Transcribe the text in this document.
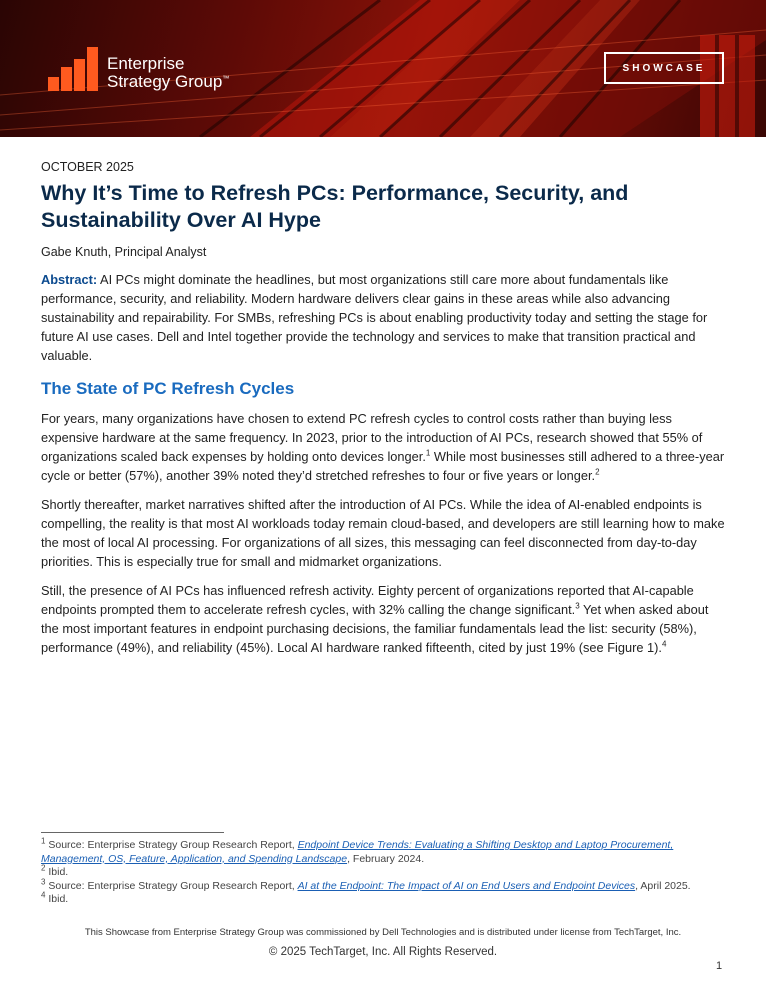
Enterprise
Strategy Group™
SHOWCASE
OCTOBER 2025
Why It’s Time to Refresh PCs: Performance, Security, and Sustainability Over AI Hype
Gabe Knuth, Principal Analyst
Abstract: AI PCs might dominate the headlines, but most organizations still care more about fundamentals like performance, security, and reliability. Modern hardware delivers clear gains in these areas while also advancing sustainability and repairability. For SMBs, refreshing PCs is about enabling productivity today and setting the stage for future AI use cases. Dell and Intel together provide the technology and services to make that transition practical and valuable.
The State of PC Refresh Cycles

For years, many organizations have chosen to extend PC refresh cycles to control costs rather than buying less expensive hardware at the same frequency. In 2023, prior to the introduction of AI PCs, research showed that 55% of organizations scaled back expenses by holding onto devices longer.$^1$ While most businesses still adhered to a three-year cycle or better (57%), another 39% noted they’d stretched refreshes to four or five years or longer.$^2$

Shortly thereafter, market narratives shifted after the introduction of AI PCs. While the idea of AI-enabled endpoints is compelling, the reality is that most AI workloads today remain cloud-based, and developers are still learning how to make the most of local AI processing. For organizations of all sizes, this messaging can feel disconnected from day-to-day priorities. This is especially true for small and midmarket organizations.

Still, the presence of AI PCs has influenced refresh activity. Eighty percent of organizations reported that AI-capable endpoints prompted them to accelerate refresh cycles, with 32% calling the change significant.$^3$ Yet when asked about the most important features in endpoint purchasing decisions, the familiar fundamentals lead the list: security (58%), performance (49%), and reliability (45%). Local AI hardware ranked fifteenth, cited by just 19% (see Figure 1).$^4$

$^1$ Source: Enterprise Strategy Group Research Report, Endpoint Device Trends: Evaluating a Shifting Desktop and Laptop Procurement, Management, OS, Feature, Application, and Spending Landscape, February 2024.
$^2$ Ibid.
$^3$ Source: Enterprise Strategy Group Research Report, AI at the Endpoint: The Impact of AI on End Users and Endpoint Devices, April 2025.
$^4$ Ibid.
This Showcase from Enterprise Strategy Group was commissioned by Dell Technologies and is distributed under license from TechTarget, Inc.
© 2025 TechTarget, Inc. All Rights Reserved.
1
